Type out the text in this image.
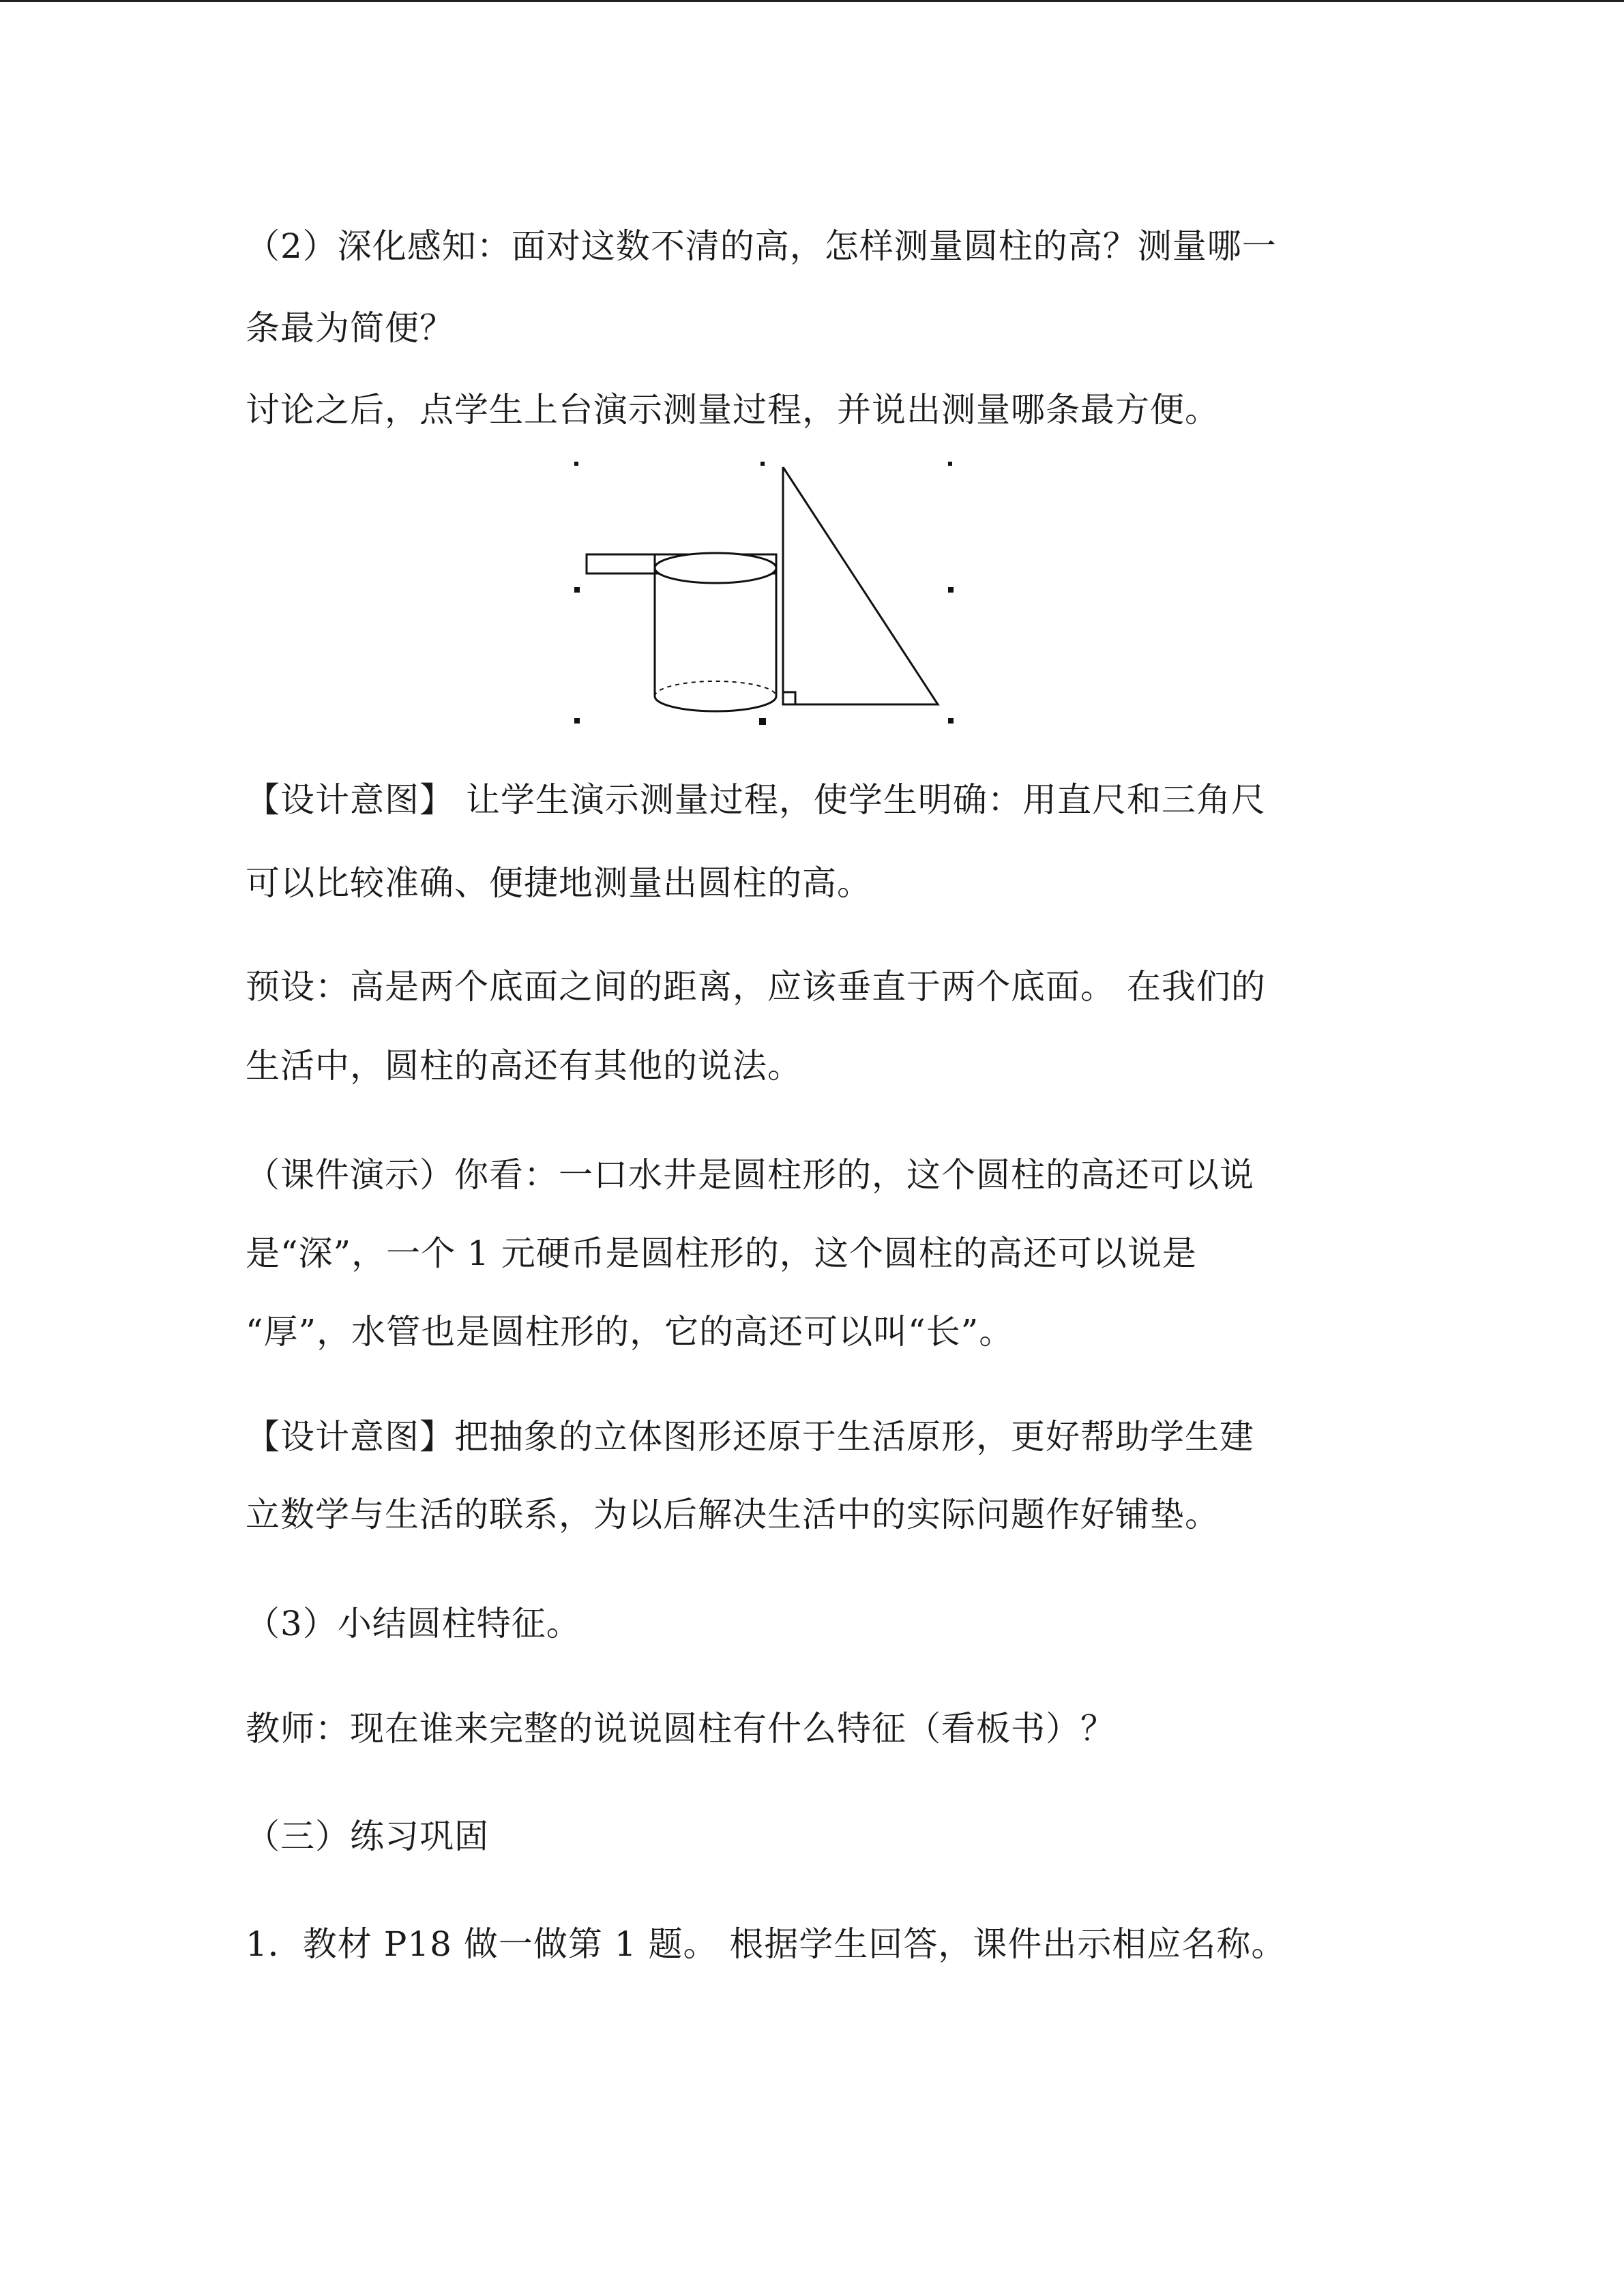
（2）深化感知：面对这数不清的高，怎样测量圆柱的高？测量哪一
条最为简便？
讨论之后，点学生上台演示测量过程，并说出测量哪条最方便。
【设计意图】 让学生演示测量过程，使学生明确：用直尺和三角尺
可以比较准确、便捷地测量出圆柱的高。
预设：高是两个底面之间的距离，应该垂直于两个底面。 在我们的
生活中，圆柱的高还有其他的说法。
（课件演示）你看：一口水井是圆柱形的，这个圆柱的高还可以说
是“深”，一个 1 元硬币是圆柱形的，这个圆柱的高还可以说是
“厚”，水管也是圆柱形的，它的高还可以叫“长”。
【设计意图】把抽象的立体图形还原于生活原形，更好帮助学生建
立数学与生活的联系，为以后解决生活中的实际问题作好铺垫。
（3）小结圆柱特征。
教师：现在谁来完整的说说圆柱有什么特征（看板书）？
（三）练习巩固
1．教材 P18 做一做第 1 题。 根据学生回答，课件出示相应名称。
